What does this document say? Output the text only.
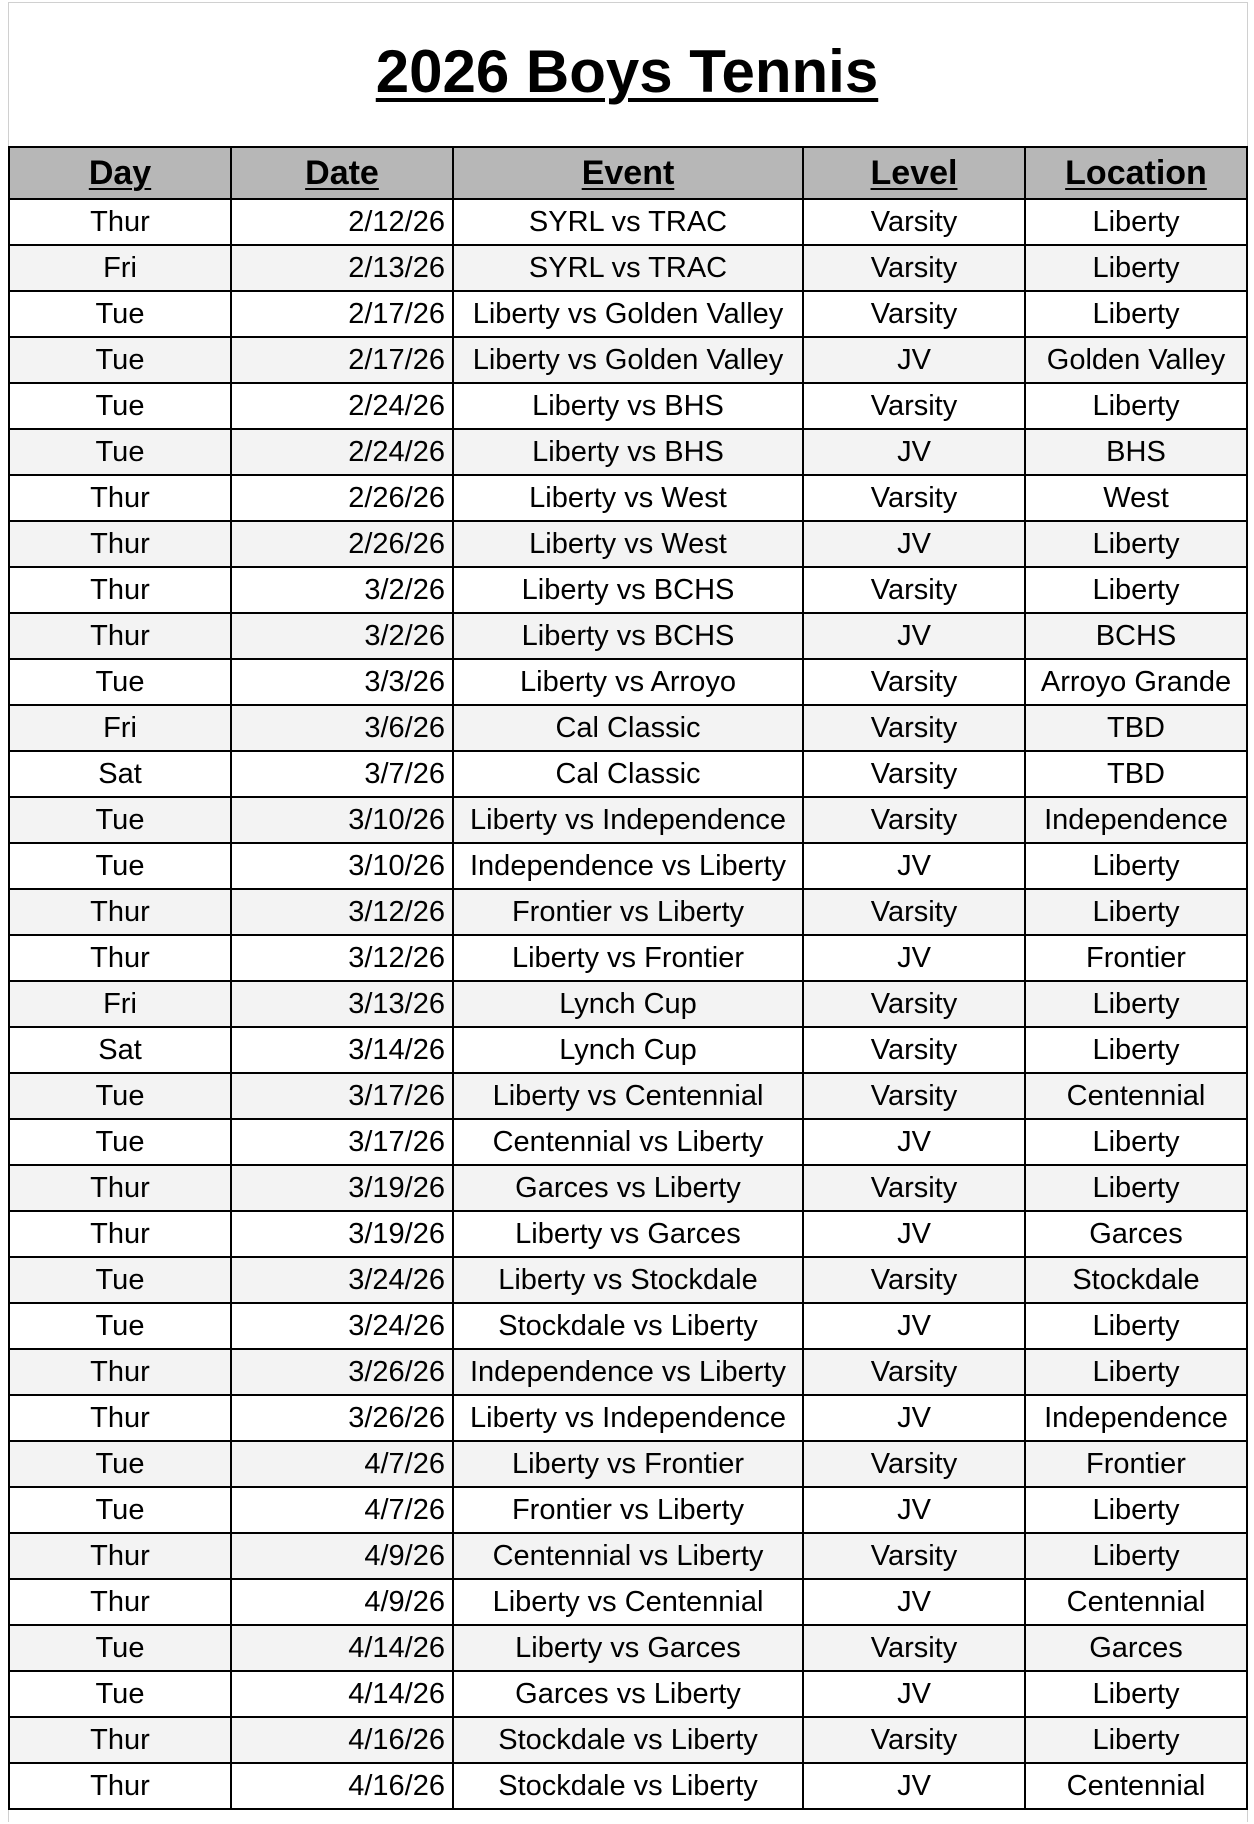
2026 Boys Tennis
Day	Date	Event	Level	Location
Thur	2/12/26	SYRL vs TRAC	Varsity	Liberty
Fri	2/13/26	SYRL vs TRAC	Varsity	Liberty
Tue	2/17/26	Liberty vs Golden Valley	Varsity	Liberty
Tue	2/17/26	Liberty vs Golden Valley	JV	Golden Valley
Tue	2/24/26	Liberty vs BHS	Varsity	Liberty
Tue	2/24/26	Liberty vs BHS	JV	BHS
Thur	2/26/26	Liberty vs West	Varsity	West
Thur	2/26/26	Liberty vs West	JV	Liberty
Thur	3/2/26	Liberty vs BCHS	Varsity	Liberty
Thur	3/2/26	Liberty vs BCHS	JV	BCHS
Tue	3/3/26	Liberty vs Arroyo	Varsity	Arroyo Grande
Fri	3/6/26	Cal Classic	Varsity	TBD
Sat	3/7/26	Cal Classic	Varsity	TBD
Tue	3/10/26	Liberty vs Independence	Varsity	Independence
Tue	3/10/26	Independence vs Liberty	JV	Liberty
Thur	3/12/26	Frontier vs Liberty	Varsity	Liberty
Thur	3/12/26	Liberty vs Frontier	JV	Frontier
Fri	3/13/26	Lynch Cup	Varsity	Liberty
Sat	3/14/26	Lynch Cup	Varsity	Liberty
Tue	3/17/26	Liberty vs Centennial	Varsity	Centennial
Tue	3/17/26	Centennial vs Liberty	JV	Liberty
Thur	3/19/26	Garces vs Liberty	Varsity	Liberty
Thur	3/19/26	Liberty vs Garces	JV	Garces
Tue	3/24/26	Liberty vs Stockdale	Varsity	Stockdale
Tue	3/24/26	Stockdale vs Liberty	JV	Liberty
Thur	3/26/26	Independence vs Liberty	Varsity	Liberty
Thur	3/26/26	Liberty vs Independence	JV	Independence
Tue	4/7/26	Liberty vs Frontier	Varsity	Frontier
Tue	4/7/26	Frontier vs Liberty	JV	Liberty
Thur	4/9/26	Centennial vs Liberty	Varsity	Liberty
Thur	4/9/26	Liberty vs Centennial	JV	Centennial
Tue	4/14/26	Liberty vs Garces	Varsity	Garces
Tue	4/14/26	Garces vs Liberty	JV	Liberty
Thur	4/16/26	Stockdale vs Liberty	Varsity	Liberty
Thur	4/16/26	Stockdale vs Liberty	JV	Centennial
